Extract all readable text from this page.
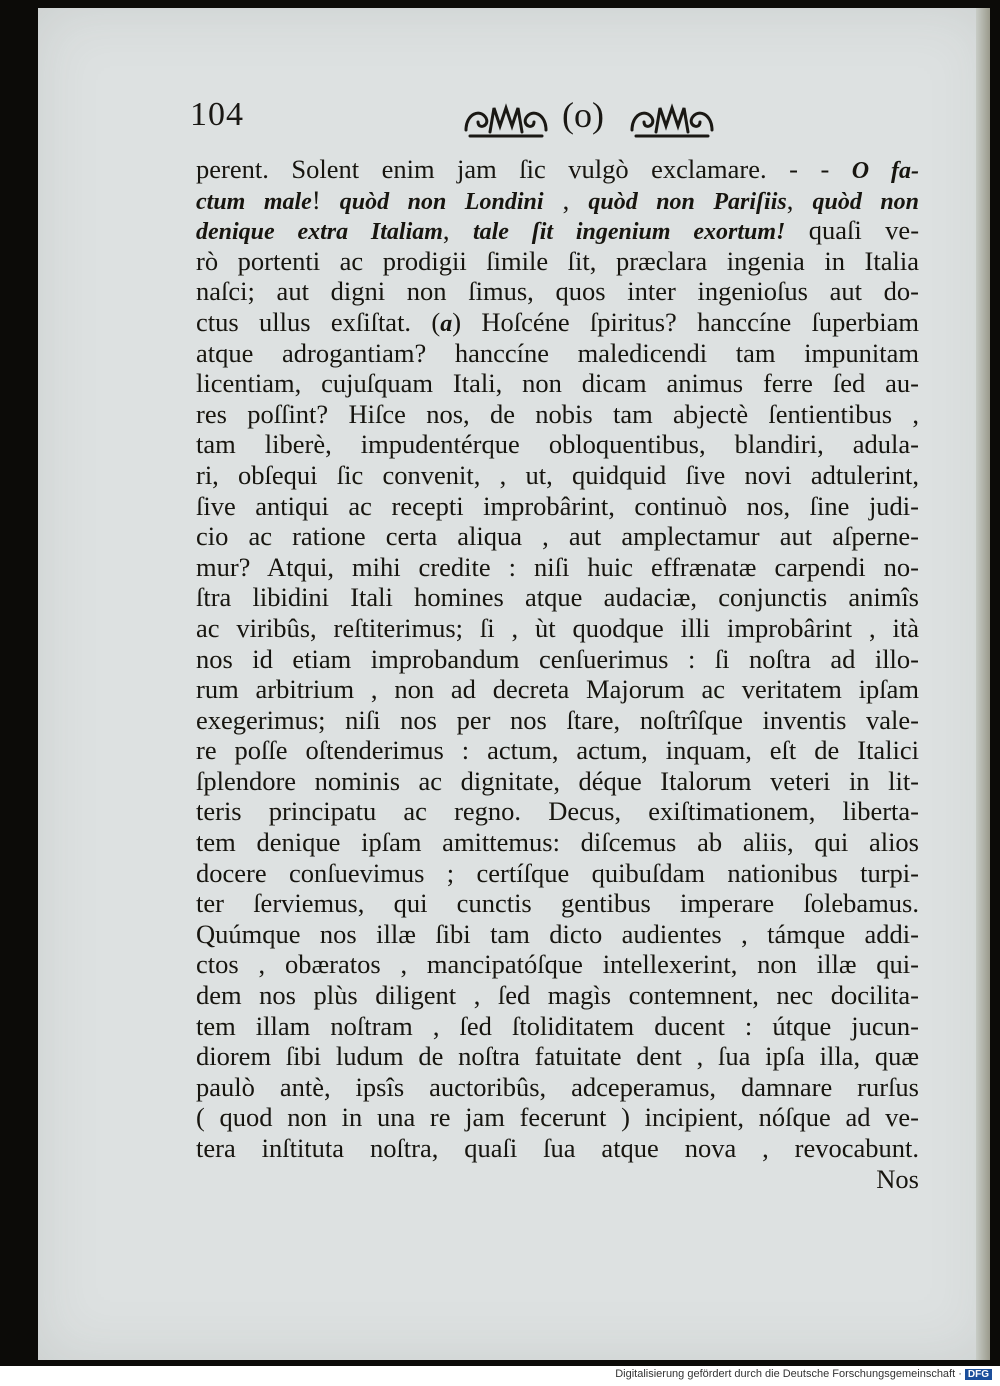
104	(o)
perent. Solent enim jam ſic vulgò exclamare. - - O fa-
ctum male! quòd non Londini , quòd non Pariſiis, quòd non
denique extra Italiam, tale ſit ingenium exortum! quaſi ve-
rò portenti ac prodigii ſimile ſit, præclara ingenia in Italia
naſci; aut digni non ſimus, quos inter ingenioſus aut do-
ctus ullus exſiſtat. (a) Hoſcéne ſpiritus? hanccíne ſuperbiam
atque adrogantiam? hanccíne maledicendi tam impunitam
licentiam, cujuſquam Itali, non dicam animus ferre ſed au-
res poſſint? Hiſce nos, de nobis tam abjectè ſentientibus ,
tam liberè, impudentérque obloquentibus, blandiri, adula-
ri, obſequi ſic convenit, , ut, quidquid ſive novi adtulerint,
ſive antiqui ac recepti improbârint, continuò nos, ſine judi-
cio ac ratione certa aliqua , aut amplectamur aut aſperne-
mur? Atqui, mihi credite : niſi huic effrænatæ carpendi no-
ſtra libidini Itali homines atque audaciæ, conjunctis animîs
ac viribûs, reſtiterimus; ſi , ùt quodque illi improbârint , ità
nos id etiam improbandum cenſuerimus : ſi noſtra ad illo-
rum arbitrium , non ad decreta Majorum ac veritatem ipſam
exegerimus; niſi nos per nos ſtare, noſtrîſque inventis vale-
re poſſe oſtenderimus : actum, actum, inquam, eſt de Italici
ſplendore nominis ac dignitate, déque Italorum veteri in lit-
teris principatu ac regno. Decus, exiſtimationem, liberta-
tem denique ipſam amittemus: diſcemus ab aliis, qui alios
docere conſuevimus ; certíſque quibuſdam nationibus turpi-
ter ſerviemus, qui cunctis gentibus imperare ſolebamus.
Quúmque nos illæ ſibi tam dicto audientes , támque addi-
ctos , obæratos , mancipatóſque intellexerint, non illæ qui-
dem nos plùs diligent , ſed magìs contemnent, nec docilita-
tem illam noſtram , ſed ſtoliditatem ducent : útque jucun-
diorem ſibi ludum de noſtra fatuitate dent , ſua ipſa illa, quæ
paulò antè, ipsîs auctoribûs, adceperamus, damnare rurſus
( quod non in una re jam fecerunt ) incipient, nóſque ad ve-
tera inſtituta noſtra, quaſi ſua atque nova , revocabunt.
Nos
Digitalisierung gefördert durch die Deutsche Forschungsgemeinschaft · DFG
